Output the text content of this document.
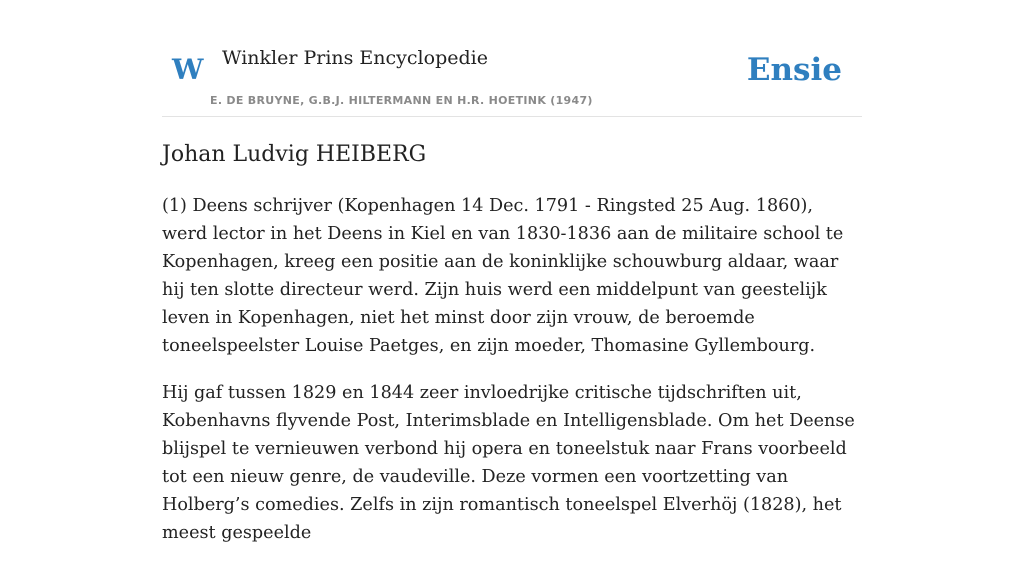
W Winkler Prins Encyclopedie
E. DE BRUYNE, G.B.J. HILTERMANN EN H.R. HOETINK (1947)
Ensie
Johan Ludvig HEIBERG

(1) Deens schrijver (Kopenhagen 14 Dec. 1791 - Ringsted 25 Aug. 1860), werd lector in het Deens in Kiel en van 1830-1836 aan de militaire school te Kopenhagen, kreeg een positie aan de koninklijke schouwburg aldaar, waar hij ten slotte directeur werd. Zijn huis werd een middelpunt van geestelijk leven in Kopenhagen, niet het minst door zijn vrouw, de beroemde toneelspeelster Louise Paetges, en zijn moeder, Thomasine Gyllembourg.

Hij gaf tussen 1829 en 1844 zeer invloedrijke critische tijdschriften uit, Kobenhavns flyvende Post, Interimsblade en Intelligensblade. Om het Deense blijspel te vernieuwen verbond hij opera en toneelstuk naar Frans voorbeeld tot een nieuw genre, de vaudeville. Deze vormen een voortzetting van Holberg’s comedies. Zelfs in zijn romantisch toneelspel Elverhöj (1828), het meest gespeelde
